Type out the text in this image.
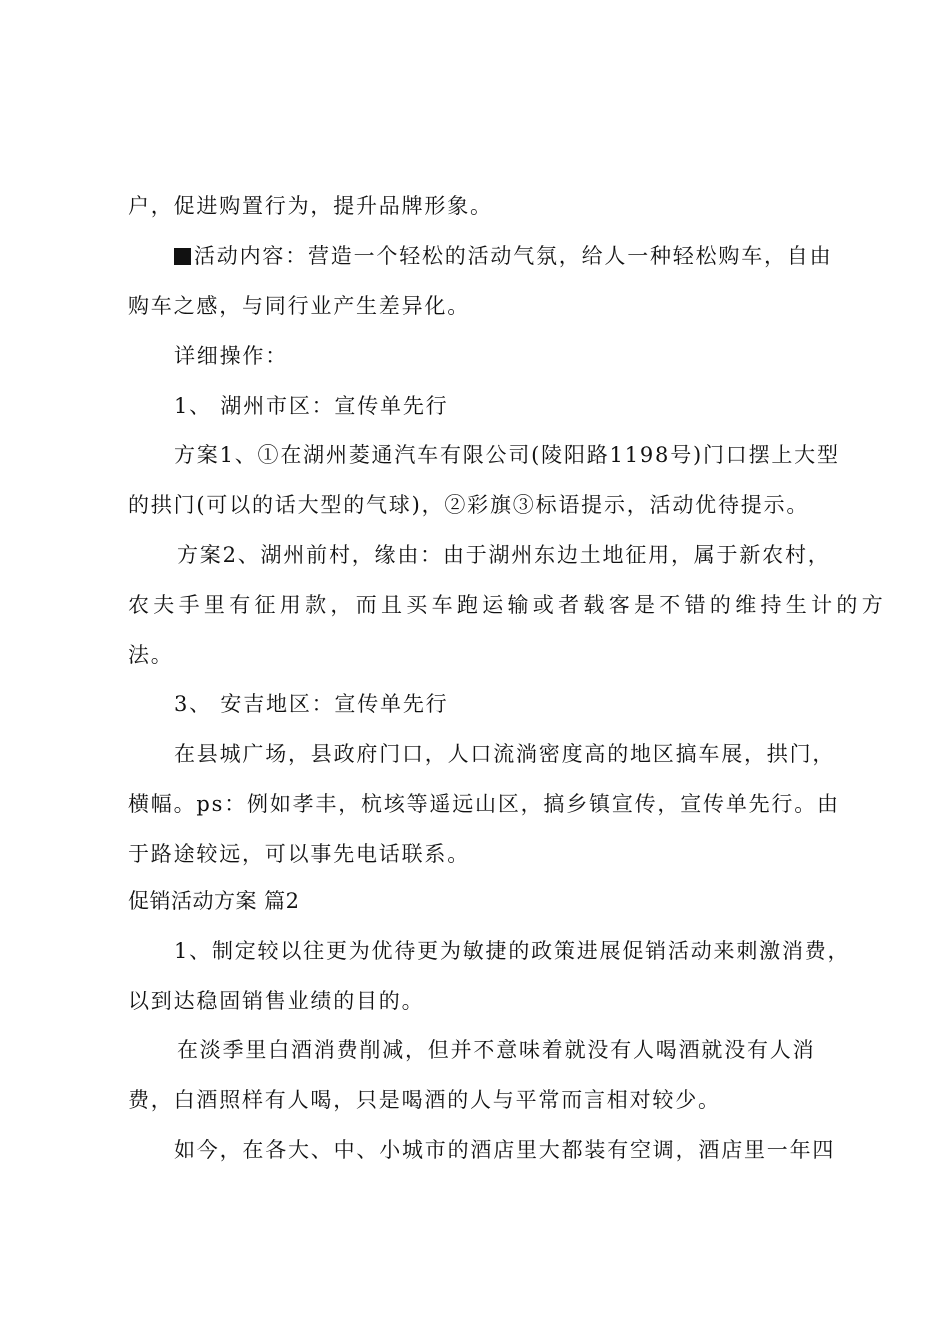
户，促进购置行为，提升品牌形象。
活动内容：营造一个轻松的活动气氛，给人一种轻松购车，自由
购车之感，与同行业产生差异化。
详细操作：
1、 湖州市区：宣传单先行
方案1、①在湖州菱通汽车有限公司(陵阳路1198号)门口摆上大型
的拱门(可以的话大型的气球)，②彩旗③标语提示，活动优待提示。
方案2、湖州前村，缘由：由于湖州东边土地征用，属于新农村，
农夫手里有征用款，而且买车跑运输或者载客是不错的维持生计的方
法。
3、 安吉地区：宣传单先行
在县城广场，县政府门口，人口流淌密度高的地区搞车展，拱门，
横幅。ps：例如孝丰，杭垓等遥远山区，搞乡镇宣传，宣传单先行。由
于路途较远，可以事先电话联系。
促销活动方案 篇2
1、制定较以往更为优待更为敏捷的政策进展促销活动来刺激消费，
以到达稳固销售业绩的目的。
在淡季里白酒消费削减，但并不意味着就没有人喝酒就没有人消
费，白酒照样有人喝，只是喝酒的人与平常而言相对较少。
如今，在各大、中、小城市的酒店里大都装有空调，酒店里一年四
